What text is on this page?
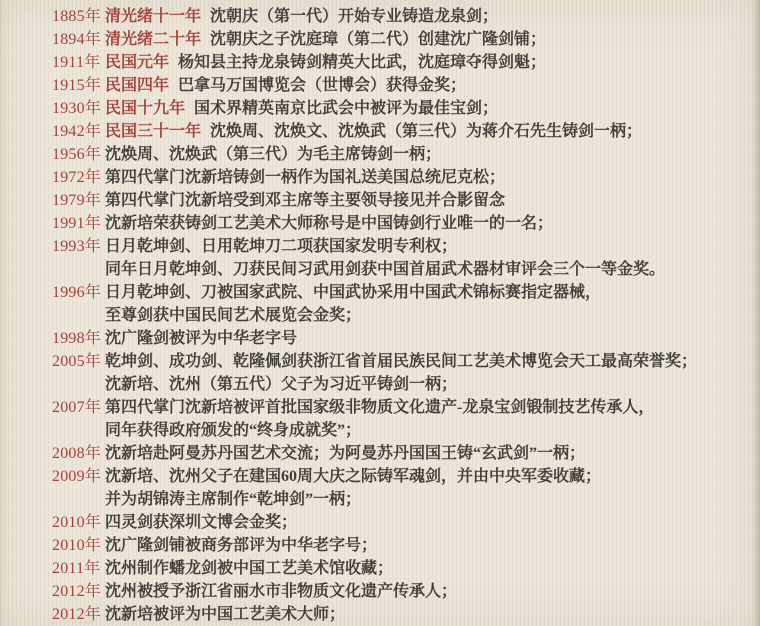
1885年 清光绪十一年 沈朝庆（第一代）开始专业铸造龙泉剑；
1894年 清光绪二十年 沈朝庆之子沈庭璋（第二代）创建沈广隆剑铺；
1911年 民国元年 杨知县主持龙泉铸剑精英大比武，沈庭璋夺得剑魁；
1915年 民国四年 巴拿马万国博览会（世博会）获得金奖；
1930年 民国十九年 国术界精英南京比武会中被评为最佳宝剑；
1942年 民国三十一年 沈焕周、沈焕文、沈焕武（第三代）为蒋介石先生铸剑一柄；
1956年 沈焕周、沈焕武（第三代）为毛主席铸剑一柄；
1972年 第四代掌门沈新培铸剑一柄作为国礼送美国总统尼克松；
1979年 第四代掌门沈新培受到邓主席等主要领导接见并合影留念
1991年 沈新培荣获铸剑工艺美术大师称号是中国铸剑行业唯一的一名；
1993年 日月乾坤剑、日用乾坤刀二项获国家发明专利权；
同年日月乾坤剑、刀获民间习武用剑获中国首届武术器材审评会三个一等金奖。
1996年 日月乾坤剑、刀被国家武院、中国武协采用中国武术锦标赛指定器械，
至尊剑获中国民间艺术展览会金奖；
1998年 沈广隆剑被评为中华老字号
2005年 乾坤剑、成功剑、乾隆佩剑获浙江省首届民族民间工艺美术博览会天工最高荣誉奖；
沈新培、沈州（第五代）父子为习近平铸剑一柄；
2007年 第四代掌门沈新培被评首批国家级非物质文化遗产-龙泉宝剑锻制技艺传承人，
同年获得政府颁发的“终身成就奖”；
2008年 沈新培赴阿曼苏丹国艺术交流；为阿曼苏丹国国王铸“玄武剑”一柄；
2009年 沈新培、沈州父子在建国60周大庆之际铸军魂剑，并由中央军委收藏；
并为胡锦涛主席制作“乾坤剑”一柄；
2010年 四灵剑获深圳文博会金奖；
2010年 沈广隆剑铺被商务部评为中华老字号；
2011年 沈州制作蟠龙剑被中国工艺美术馆收藏；
2012年 沈州被授予浙江省丽水市非物质文化遗产传承人；
2012年 沈新培被评为中国工艺美术大师；
